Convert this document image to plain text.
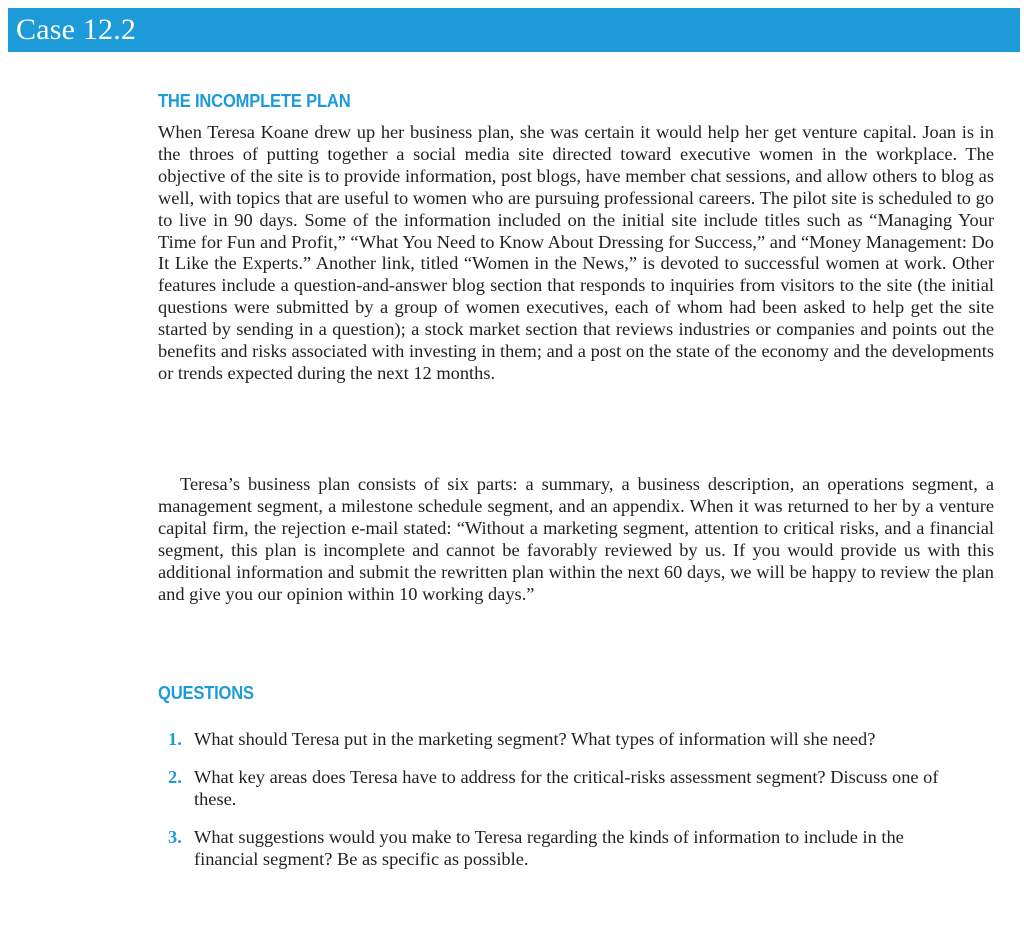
Case 12.2
THE INCOMPLETE PLAN

When Teresa Koane drew up her business plan, she was certain it would help her get venture capital. Joan is in the throes of putting together a social media site directed toward executive women in the workplace. The objective of the site is to provide information, post blogs, have member chat sessions, and allow others to blog as well, with topics that are useful to women who are pursuing professional careers. The pilot site is scheduled to go to live in 90 days. Some of the information included on the initial site include titles such as “Managing Your Time for Fun and Profit,” “What You Need to Know About Dressing for Success,” and “Money Management: Do It Like the Experts.” Another link, titled “Women in the News,” is devoted to successful women at work. Other features include a question-and-answer blog section that responds to inquiries from visitors to the site (the initial questions were submitted by a group of women executives, each of whom had been asked to help get the site started by sending in a question); a stock market section that reviews industries or companies and points out the benefits and risks associated with investing in them; and a post on the state of the economy and the developments or trends expected during the next 12 months.

Teresa’s business plan consists of six parts: a summary, a business description, an operations segment, a management segment, a milestone schedule segment, and an appendix. When it was returned to her by a venture capital firm, the rejection e-mail stated: “Without a marketing segment, attention to critical risks, and a financial segment, this plan is incomplete and cannot be favorably reviewed by us. If you would provide us with this additional information and submit the rewritten plan within the next 60 days, we will be happy to review the plan and give you our opinion within 10 working days.”

QUESTIONS
1. What should Teresa put in the marketing segment? What types of information will she need?
2. What key areas does Teresa have to address for the critical-risks assessment segment? Discuss one of these.
3. What suggestions would you make to Teresa regarding the kinds of information to include in the financial segment? Be as specific as possible.
